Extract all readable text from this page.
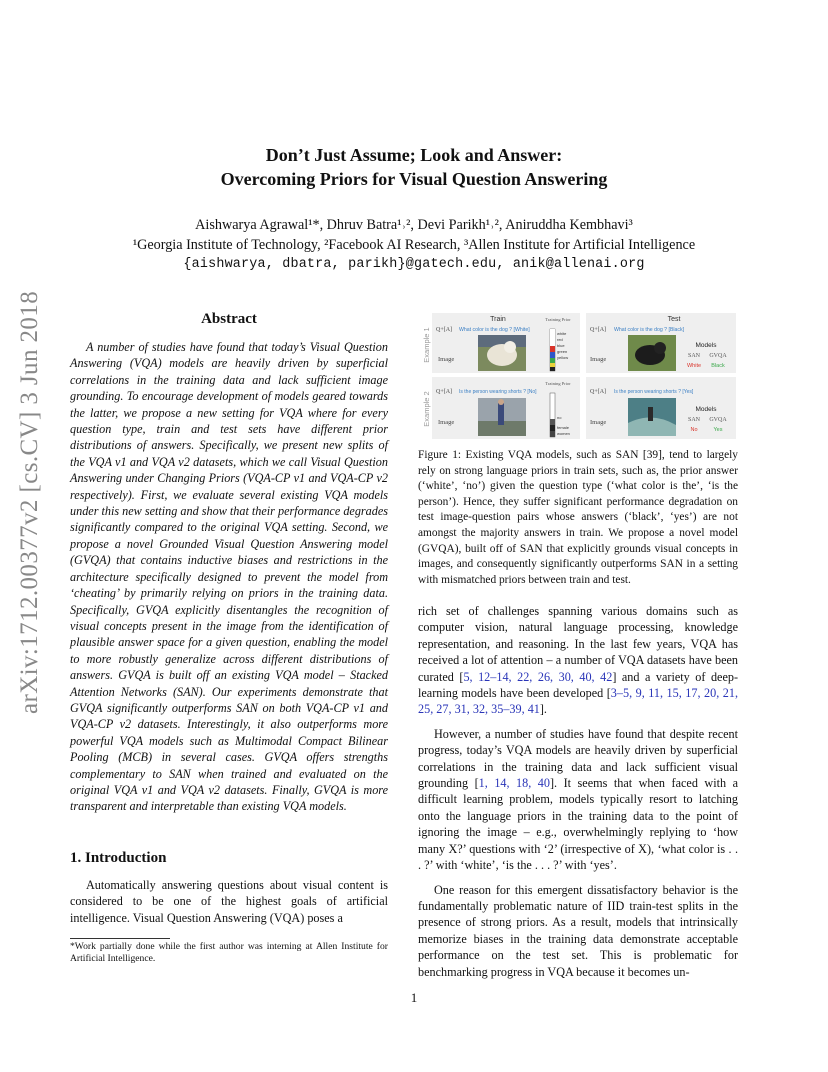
Don’t Just Assume; Look and Answer:
Overcoming Priors for Visual Question Answering
Aishwarya Agrawal¹*, Dhruv Batra¹˒², Devi Parikh¹˒², Aniruddha Kembhavi³
¹Georgia Institute of Technology, ²Facebook AI Research, ³Allen Institute for Artificial Intelligence
{aishwarya, dbatra, parikh}@gatech.edu, anik@allenai.org
arXiv:1712.00377v2 [cs.CV] 3 Jun 2018	Abstract

A number of studies have found that today’s Visual Question Answering (VQA) models are heavily driven by superficial correlations in the training data and lack sufficient image grounding. To encourage development of models geared towards the latter, we propose a new setting for VQA where for every question type, train and test sets have different prior distributions of answers. Specifically, we present new splits of the VQA v1 and VQA v2 datasets, which we call Visual Question Answering under Changing Priors (VQA-CP v1 and VQA-CP v2 respectively). First, we evaluate several existing VQA models under this new setting and show that their performance degrades significantly compared to the original VQA setting. Second, we propose a novel Grounded Visual Question Answering model (GVQA) that contains inductive biases and restrictions in the architecture specifically designed to prevent the model from ‘cheating’ by primarily relying on priors in the training data. Specifically, GVQA explicitly disentangles the recognition of visual concepts present in the image from the identification of plausible answer space for a given question, enabling the model to more robustly generalize across different distributions of answers. GVQA is built off an existing VQA model – Stacked Attention Networks (SAN). Our experiments demonstrate that GVQA significantly outperforms SAN on both VQA-CP v1 and VQA-CP v2 datasets. Interestingly, it also outperforms more powerful VQA models such as Multimodal Compact Bilinear Pooling (MCB) in several cases. GVQA offers strengths complementary to SAN when trained and evaluated on the original VQA v1 and VQA v2 datasets. Finally, GVQA is more transparent and interpretable than existing VQA models.

1. Introduction

Automatically answering questions about visual content is considered to be one of the highest goals of artificial intelligence. Visual Question Answering (VQA) poses a

*Work partially done while the first author was interning at Allen Institute for Artificial Intelligence.
Train	Test
Example 1
Example 2
Q+[A] What color is the dog ? [White]
Image
Training Prior
white
red
blue
green
yellow
Q+[A] What color is the dog ? [Black]
Image
Models
SAN GVQA
White Black
Q+[A] Is the person wearing shorts ? [No]
Image
Training Prior
no
female
women
Q+[A] Is the person wearing shorts ? [Yes]
Image
Models
SAN GVQA
No	Yes
Figure 1: Existing VQA models, such as SAN [39], tend to largely rely on strong language priors in train sets, such as, the prior answer (‘white’, ‘no’) given the question type (‘what color is the’, ‘is the person’). Hence, they suffer significant performance degradation on test image-question pairs whose answers (‘black’, ‘yes’) are not amongst the majority answers in train. We propose a novel model (GVQA), built off of SAN that explicitly grounds visual concepts in images, and consequently significantly outperforms SAN in a setting with mismatched priors between train and test.

rich set of challenges spanning various domains such as computer vision, natural language processing, knowledge representation, and reasoning. In the last few years, VQA has received a lot of attention – a number of VQA datasets have been curated [5, 12–14, 22, 26, 30, 40, 42] and a variety of deep-learning models have been developed [3–5, 9, 11, 15, 17, 20, 21, 25, 27, 31, 32, 35–39, 41].

However, a number of studies have found that despite recent progress, today’s VQA models are heavily driven by superficial correlations in the training data and lack sufficient visual grounding [1, 14, 18, 40]. It seems that when faced with a difficult learning problem, models typically resort to latching onto the language priors in the training data to the point of ignoring the image – e.g., overwhelmingly replying to ‘how many X?’ questions with ‘2’ (irrespective of X), ‘what color is . . . ?’ with ‘white’, ‘is the . . . ?’ with ‘yes’.

One reason for this emergent dissatisfactory behavior is the fundamentally problematic nature of IID train-test splits in the presence of strong priors. As a result, models that intrinsically memorize biases in the training data demonstrate acceptable performance on the test set. This is problematic for benchmarking progress in VQA because it becomes un-

1
